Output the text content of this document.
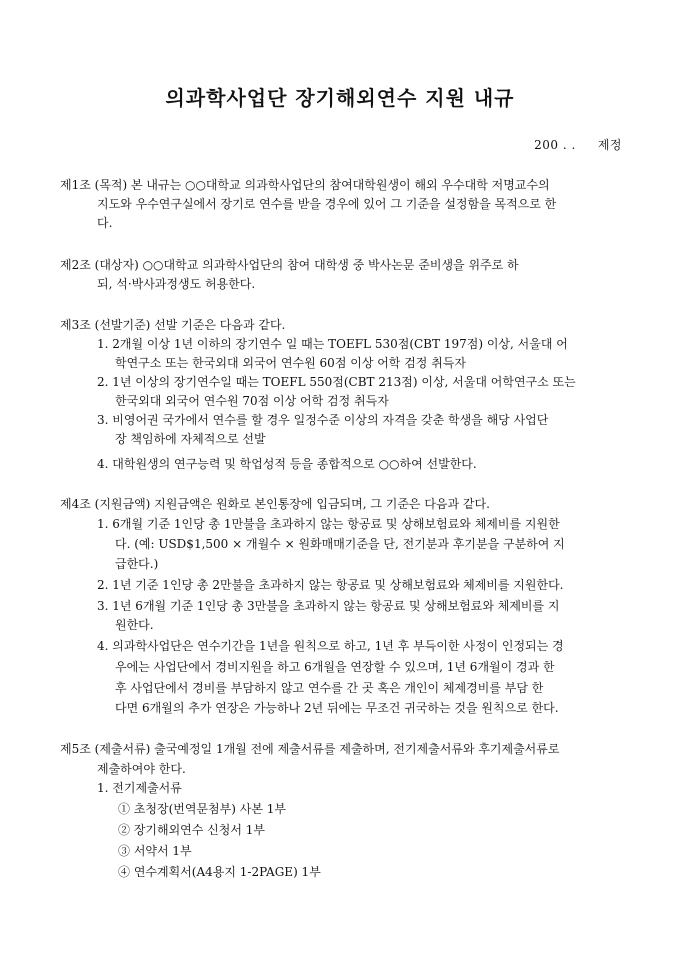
의과학사업단 장기해외연수 지원 내규
200 . . 제정
제1조 (목적) 본 내규는 ○○대학교 의과학사업단의 참여대학원생이 해외 우수대학 저명교수의
지도와 우수연구실에서 장기로 연수를 받을 경우에 있어 그 기준을 설정함을 목적으로 한
다.
제2조 (대상자) ○○대학교 의과학사업단의 참여 대학생 중 박사논문 준비생을 위주로 하
되, 석·박사과정생도 허용한다.
제3조 (선발기준) 선발 기준은 다음과 같다.
1. 2개월 이상 1년 이하의 장기연수 일 때는 TOEFL 530점(CBT 197점) 이상, 서울대 어
학연구소 또는 한국외대 외국어 연수원 60점 이상 어학 검정 취득자
2. 1년 이상의 장기연수일 때는 TOEFL 550점(CBT 213점) 이상, 서울대 어학연구소 또는
한국외대 외국어 연수원 70점 이상 어학 검정 취득자
3. 비영어권 국가에서 연수를 할 경우 일정수준 이상의 자격을 갖춘 학생을 해당 사업단
장 책임하에 자체적으로 선발
4. 대학원생의 연구능력 및 학업성적 등을 종합적으로 ○○하여 선발한다.
제4조 (지원금액) 지원금액은 원화로 본인통장에 입금되며, 그 기준은 다음과 같다.
1. 6개월 기준 1인당 총 1만불을 초과하지 않는 항공료 및 상해보험료와 체제비를 지원한
다. (예: USD$1,500 × 개월수 × 원화매매기준을 단, 전기분과 후기분을 구분하여 지
급한다.)
2. 1년 기준 1인당 총 2만불을 초과하지 않는 항공료 및 상해보험료와 체제비를 지원한다.
3. 1년 6개월 기준 1인당 총 3만불을 초과하지 않는 항공료 및 상해보험료와 체제비를 지
원한다.
4. 의과학사업단은 연수기간을 1년을 원칙으로 하고, 1년 후 부득이한 사정이 인정되는 경
우에는 사업단에서 경비지원을 하고 6개월을 연장할 수 있으며, 1년 6개월이 경과 한
후 사업단에서 경비를 부담하지 않고 연수를 간 곳 혹은 개인이 체제경비를 부담 한
다면 6개월의 추가 연장은 가능하나 2년 뒤에는 무조건 귀국하는 것을 원칙으로 한다.
제5조 (제출서류) 출국예정일 1개월 전에 제출서류를 제출하며, 전기제출서류와 후기제출서류로
제출하여야 한다.
1. 전기제출서류
① 초청장(번역문첨부) 사본 1부
② 장기해외연수 신청서 1부
③ 서약서 1부
④ 연수계획서(A4용지 1-2PAGE) 1부
